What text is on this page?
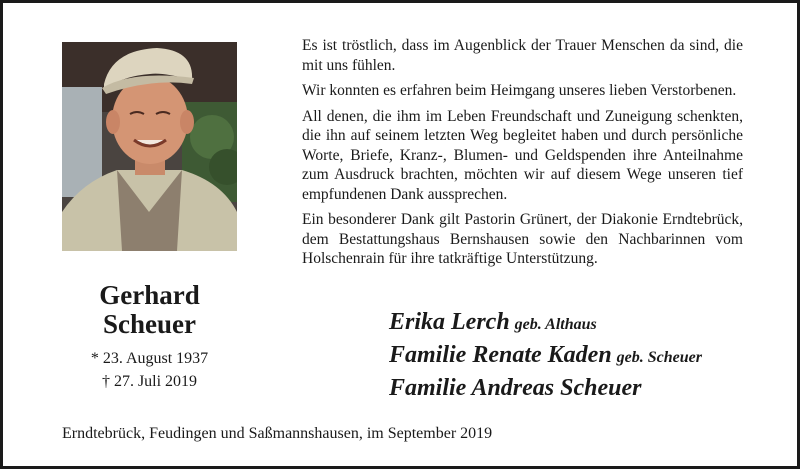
Gerhard
Scheuer
* 23. August 1937
† 27. Juli 2019

Es ist tröstlich, dass im Augenblick der Trauer Menschen da sind, die mit uns fühlen.

Wir konnten es erfahren beim Heimgang unseres lieben Verstorbenen.

All denen, die ihm im Leben Freundschaft und Zuneigung schenkten, die ihn auf seinem letzten Weg begleitet haben und durch persönliche Worte, Briefe, Kranz-, Blumen- und Geldspenden ihre Anteilnahme zum Ausdruck brachten, möchten wir auf diesem Wege unseren tief empfundenen Dank aussprechen.

Ein besonderer Dank gilt Pastorin Grünert, der Diakonie Erndtebrück, dem Bestattungshaus Bernshausen sowie den Nachbarinnen vom Holschenrain für ihre tatkräftige Unterstützung.

Erika Lerch geb. Althaus
Familie Renate Kaden geb. Scheuer
Familie Andreas Scheuer
Erndtebrück, Feudingen und Saßmannshausen, im September 2019
